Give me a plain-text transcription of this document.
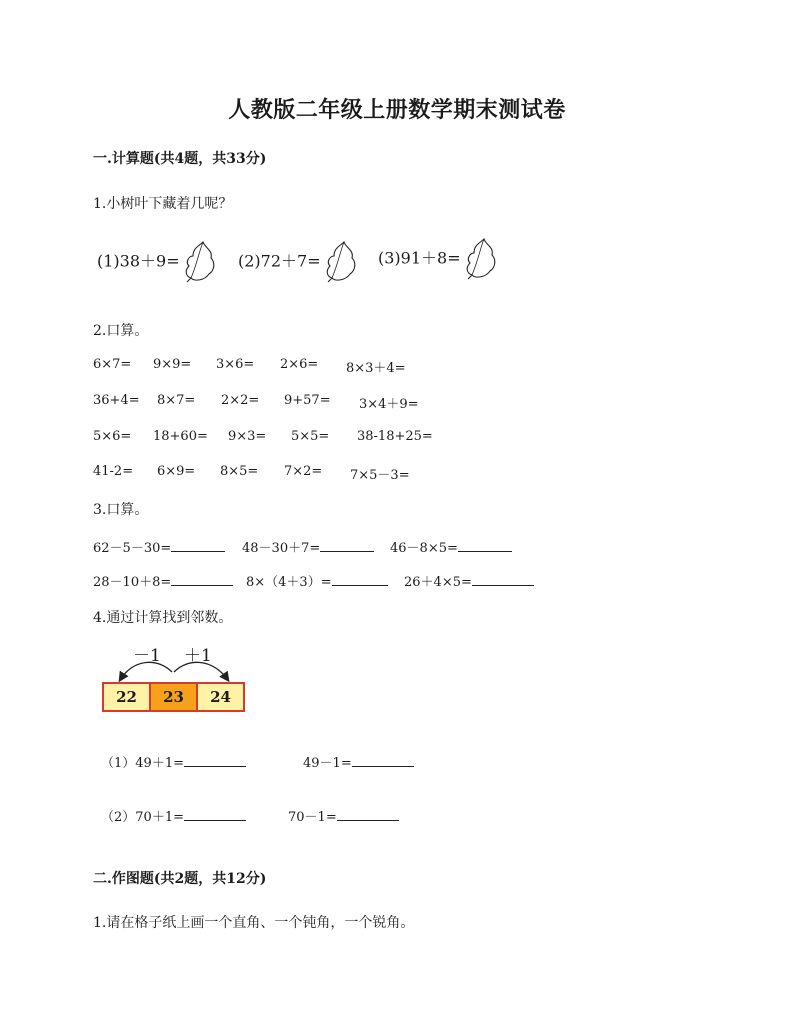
人教版二年级上册数学期末测试卷
一.计算题(共4题，共33分)
1.小树叶下藏着几呢？
(1)38＋9=	(2)72＋7=	(3)91＋8=
2.口算。
6×7= 9×9= 3×6= 2×6= 8×3＋4=
36+4= 8×7= 2×2= 9+57= 3×4＋9=
5×6= 18+60= 9×3= 5×5= 38-18+25=
41-2= 6×9= 8×5= 7×2= 7×5－3=
3.口算。
62－5－30=	48－30＋7=	46－8×5=
28－10＋8=	8×（4＋3）=	26＋4×5=
4.通过计算找到邻数。
－1 ＋1
22	23	24
（1）49＋1=	49－1=
（2）70＋1=	70－1=
二.作图题(共2题，共12分)
1.请在格子纸上画一个直角、一个钝角，一个锐角。
